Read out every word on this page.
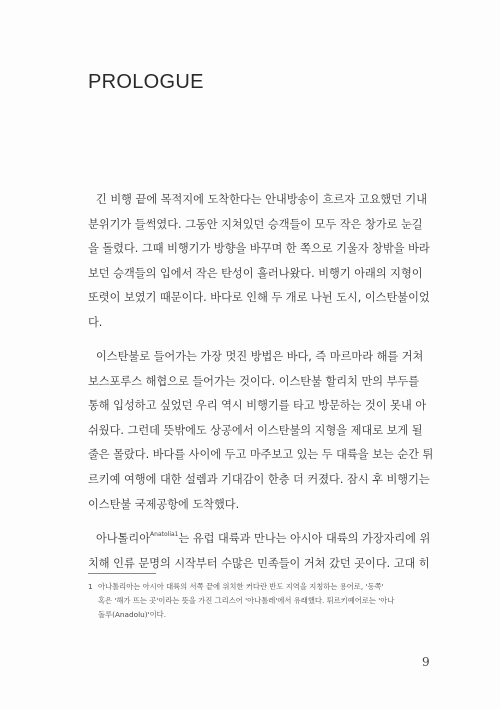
PROLOGUE
긴 비행 끝에 목적지에 도착한다는 안내방송이 흐르자 고요했던 기내
분위기가 들썩였다. 그동안 지쳐있던 승객들이 모두 작은 창가로 눈길
을 돌렸다. 그때 비행기가 방향을 바꾸며 한 쪽으로 기울자 창밖을 바라
보던 승객들의 입에서 작은 탄성이 흘러나왔다. 비행기 아래의 지형이
또렷이 보였기 때문이다. 바다로 인해 두 개로 나뉜 도시, 이스탄불이었
다.
이스탄불로 들어가는 가장 멋진 방법은 바다, 즉 마르마라 해를 거쳐
보스포루스 해협으로 들어가는 것이다. 이스탄불 할리치 만의 부두를
통해 입성하고 싶었던 우리 역시 비행기를 타고 방문하는 것이 못내 아
쉬웠다. 그런데 뜻밖에도 상공에서 이스탄불의 지형을 제대로 보게 될
줄은 몰랐다. 바다를 사이에 두고 마주보고 있는 두 대륙을 보는 순간 튀
르키예 여행에 대한 설렘과 기대감이 한층 더 커졌다. 잠시 후 비행기는
이스탄불 국제공항에 도착했다.
아나톨리아$^{Anatolia1}$는 유럽 대륙과 만나는 아시아 대륙의 가장자리에 위
치해 인류 문명의 시작부터 수많은 민족들이 거쳐 갔던 곳이다. 고대 히
1 아나톨리아는 아시아 대륙의 서쪽 끝에 위치한 커다란 반도 지역을 지칭하는 용어로, '동쪽'
혹은 '해가 뜨는 곳'이라는 뜻을 가진 그리스어 '아나톨레'에서 유래했다. 튀르키예어로는 '아나
돌루(Anadolu)'이다.
9
